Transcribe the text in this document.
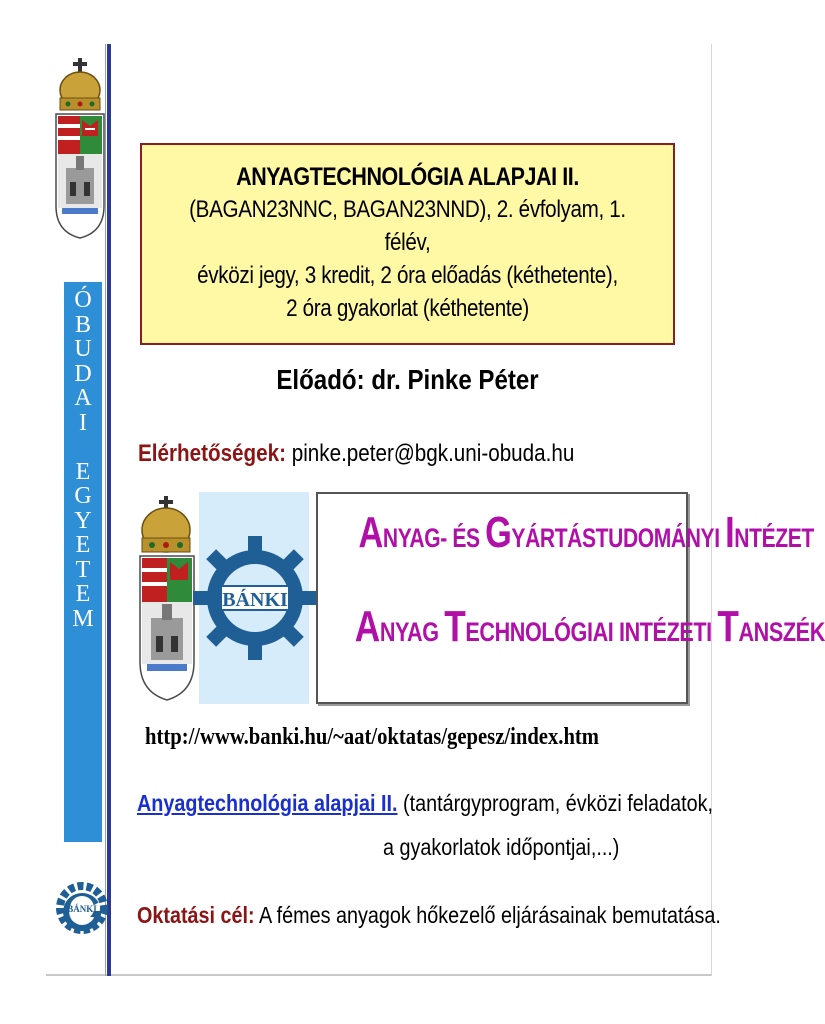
Ó
B
U
D
A
I
E
G
Y
E
T
E
M
BÁNKI
ANYAGTECHNOLÓGIA ALAPJAI II.
(BAGAN23NNC, BAGAN23NND), 2. évfolyam, 1. félév,
évközi jegy, 3 kredit, 2 óra előadás (kéthetente),
2 óra gyakorlat (kéthetente)
Előadó: dr. Pinke Péter
Elérhetőségek: pinke.peter@bgk.uni-obuda.hu
BÁNKI
ANYAG- ÉS GYÁRTÁSTUDOMÁNYI INTÉZET
ANYAG TECHNOLÓGIAI INTÉZETI TANSZÉK
http://www.banki.hu/~aat/oktatas/gepesz/index.htm
Anyagtechnológia alapjai II. (tantárgyprogram, évközi feladatok,
a gyakorlatok időpontjai,...)
Oktatási cél: A fémes anyagok hőkezelő eljárásainak bemutatása.
